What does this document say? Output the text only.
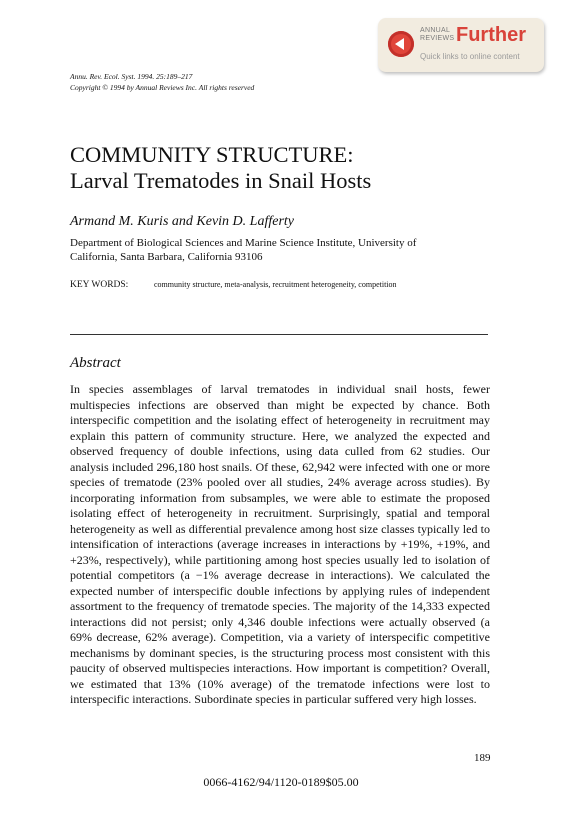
ANNUAL REVIEWS Further
Quick links to online content
Annu. Rev. Ecol. Syst. 1994. 25:189–217
Copyright © 1994 by Annual Reviews Inc. All rights reserved
COMMUNITY STRUCTURE:
Larval Trematodes in Snail Hosts
Armand M. Kuris and Kevin D. Lafferty
Department of Biological Sciences and Marine Science Institute, University of
California, Santa Barbara, California 93106
KEY WORDS:	community structure, meta-analysis, recruitment heterogeneity, competition
Abstract

In species assemblages of larval trematodes in individual snail hosts, fewer multispecies infections are observed than might be expected by chance. Both interspecific competition and the isolating effect of heterogeneity in recruitment may explain this pattern of community structure. Here, we analyzed the expected and observed frequency of double infections, using data culled from 62 studies. Our analysis included 296,180 host snails. Of these, 62,942 were infected with one or more species of trematode (23% pooled over all studies, 24% average across studies). By incorporating information from subsamples, we were able to estimate the proposed isolating effect of heterogeneity in recruitment. Surprisingly, spatial and temporal heterogeneity as well as differential prevalence among host size classes typically led to intensification of interactions (average increases in interactions by +19%, +19%, and +23%, respectively), while partitioning among host species usually led to isolation of potential competitors (a −1% average decrease in interactions). We calculated the expected number of interspecific double infections by applying rules of independent assortment to the frequency of trematode species. The majority of the 14,333 expected interactions did not persist; only 4,346 double infections were actually observed (a 69% decrease, 62% average). Competition, via a variety of interspecific competitive mechanisms by dominant species, is the structuring process most consistent with this paucity of observed multispecies interactions. How important is competition? Overall, we estimated that 13% (10% average) of the trematode infections were lost to interspecific interactions. Subordinate species in particular suffered very high losses.

189
0066-4162/94/1120-0189$05.00
